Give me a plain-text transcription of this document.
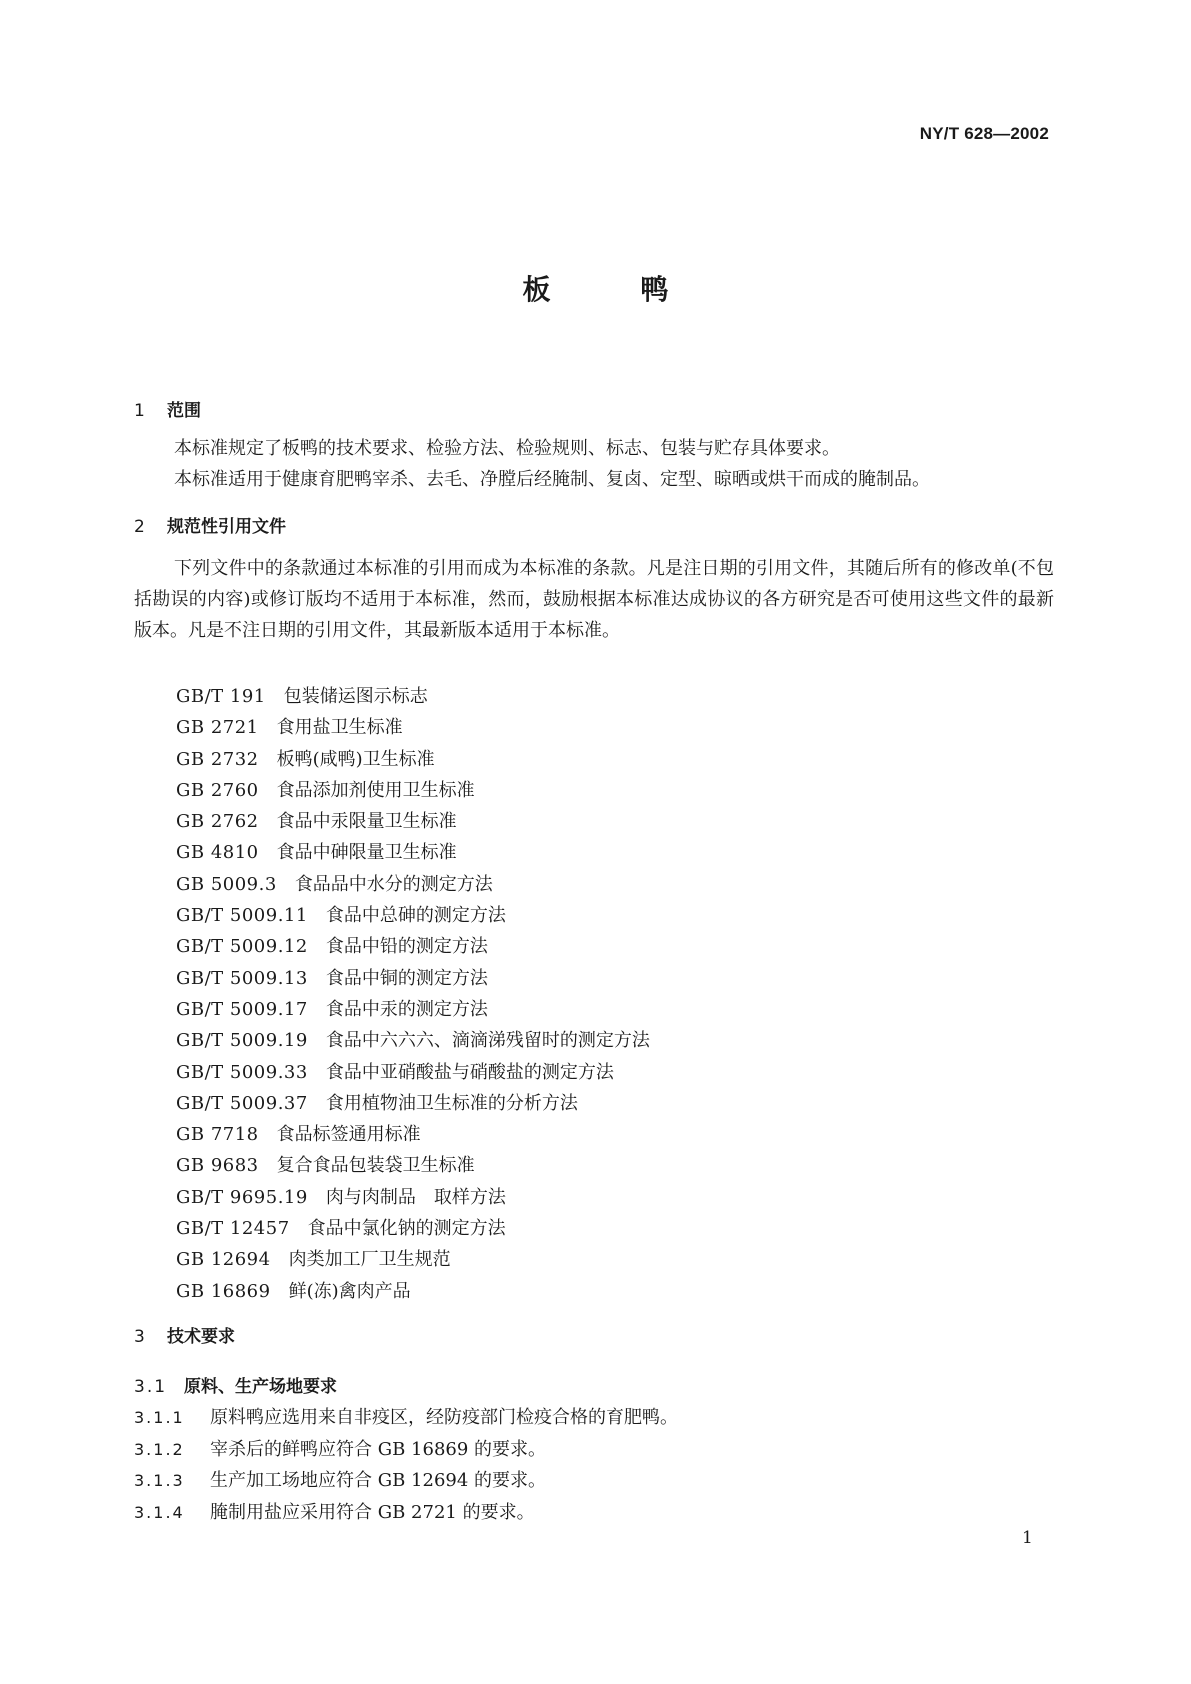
NY/T 628—2002
板	鸭
1 范围
本标准规定了板鸭的技术要求、检验方法、检验规则、标志、包装与贮存具体要求。
本标准适用于健康育肥鸭宰杀、去毛、净膛后经腌制、复卤、定型、晾晒或烘干而成的腌制品。
2 规范性引用文件
下列文件中的条款通过本标准的引用而成为本标准的条款。凡是注日期的引用文件，其随后所有的修改单(不包括勘误的内容)或修订版均不适用于本标准，然而，鼓励根据本标准达成协议的各方研究是否可使用这些文件的最新版本。凡是不注日期的引用文件，其最新版本适用于本标准。
GB/T 191 包装储运图示标志
GB 2721 食用盐卫生标准
GB 2732 板鸭(咸鸭)卫生标准
GB 2760 食品添加剂使用卫生标准
GB 2762 食品中汞限量卫生标准
GB 4810 食品中砷限量卫生标准
GB 5009.3 食品品中水分的测定方法
GB/T 5009.11 食品中总砷的测定方法
GB/T 5009.12 食品中铅的测定方法
GB/T 5009.13 食品中铜的测定方法
GB/T 5009.17 食品中汞的测定方法
GB/T 5009.19 食品中六六六、滴滴涕残留时的测定方法
GB/T 5009.33 食品中亚硝酸盐与硝酸盐的测定方法
GB/T 5009.37 食用植物油卫生标准的分析方法
GB 7718 食品标签通用标准
GB 9683 复合食品包装袋卫生标准
GB/T 9695.19 肉与肉制品　取样方法
GB/T 12457 食品中氯化钠的测定方法
GB 12694 肉类加工厂卫生规范
GB 16869 鲜(冻)禽肉产品
3 技术要求
3.1 原料、生产场地要求
3.1.1 原料鸭应选用来自非疫区，经防疫部门检疫合格的育肥鸭。
3.1.2 宰杀后的鲜鸭应符合 GB 16869 的要求。
3.1.3 生产加工场地应符合 GB 12694 的要求。
3.1.4 腌制用盐应采用符合 GB 2721 的要求。
1
